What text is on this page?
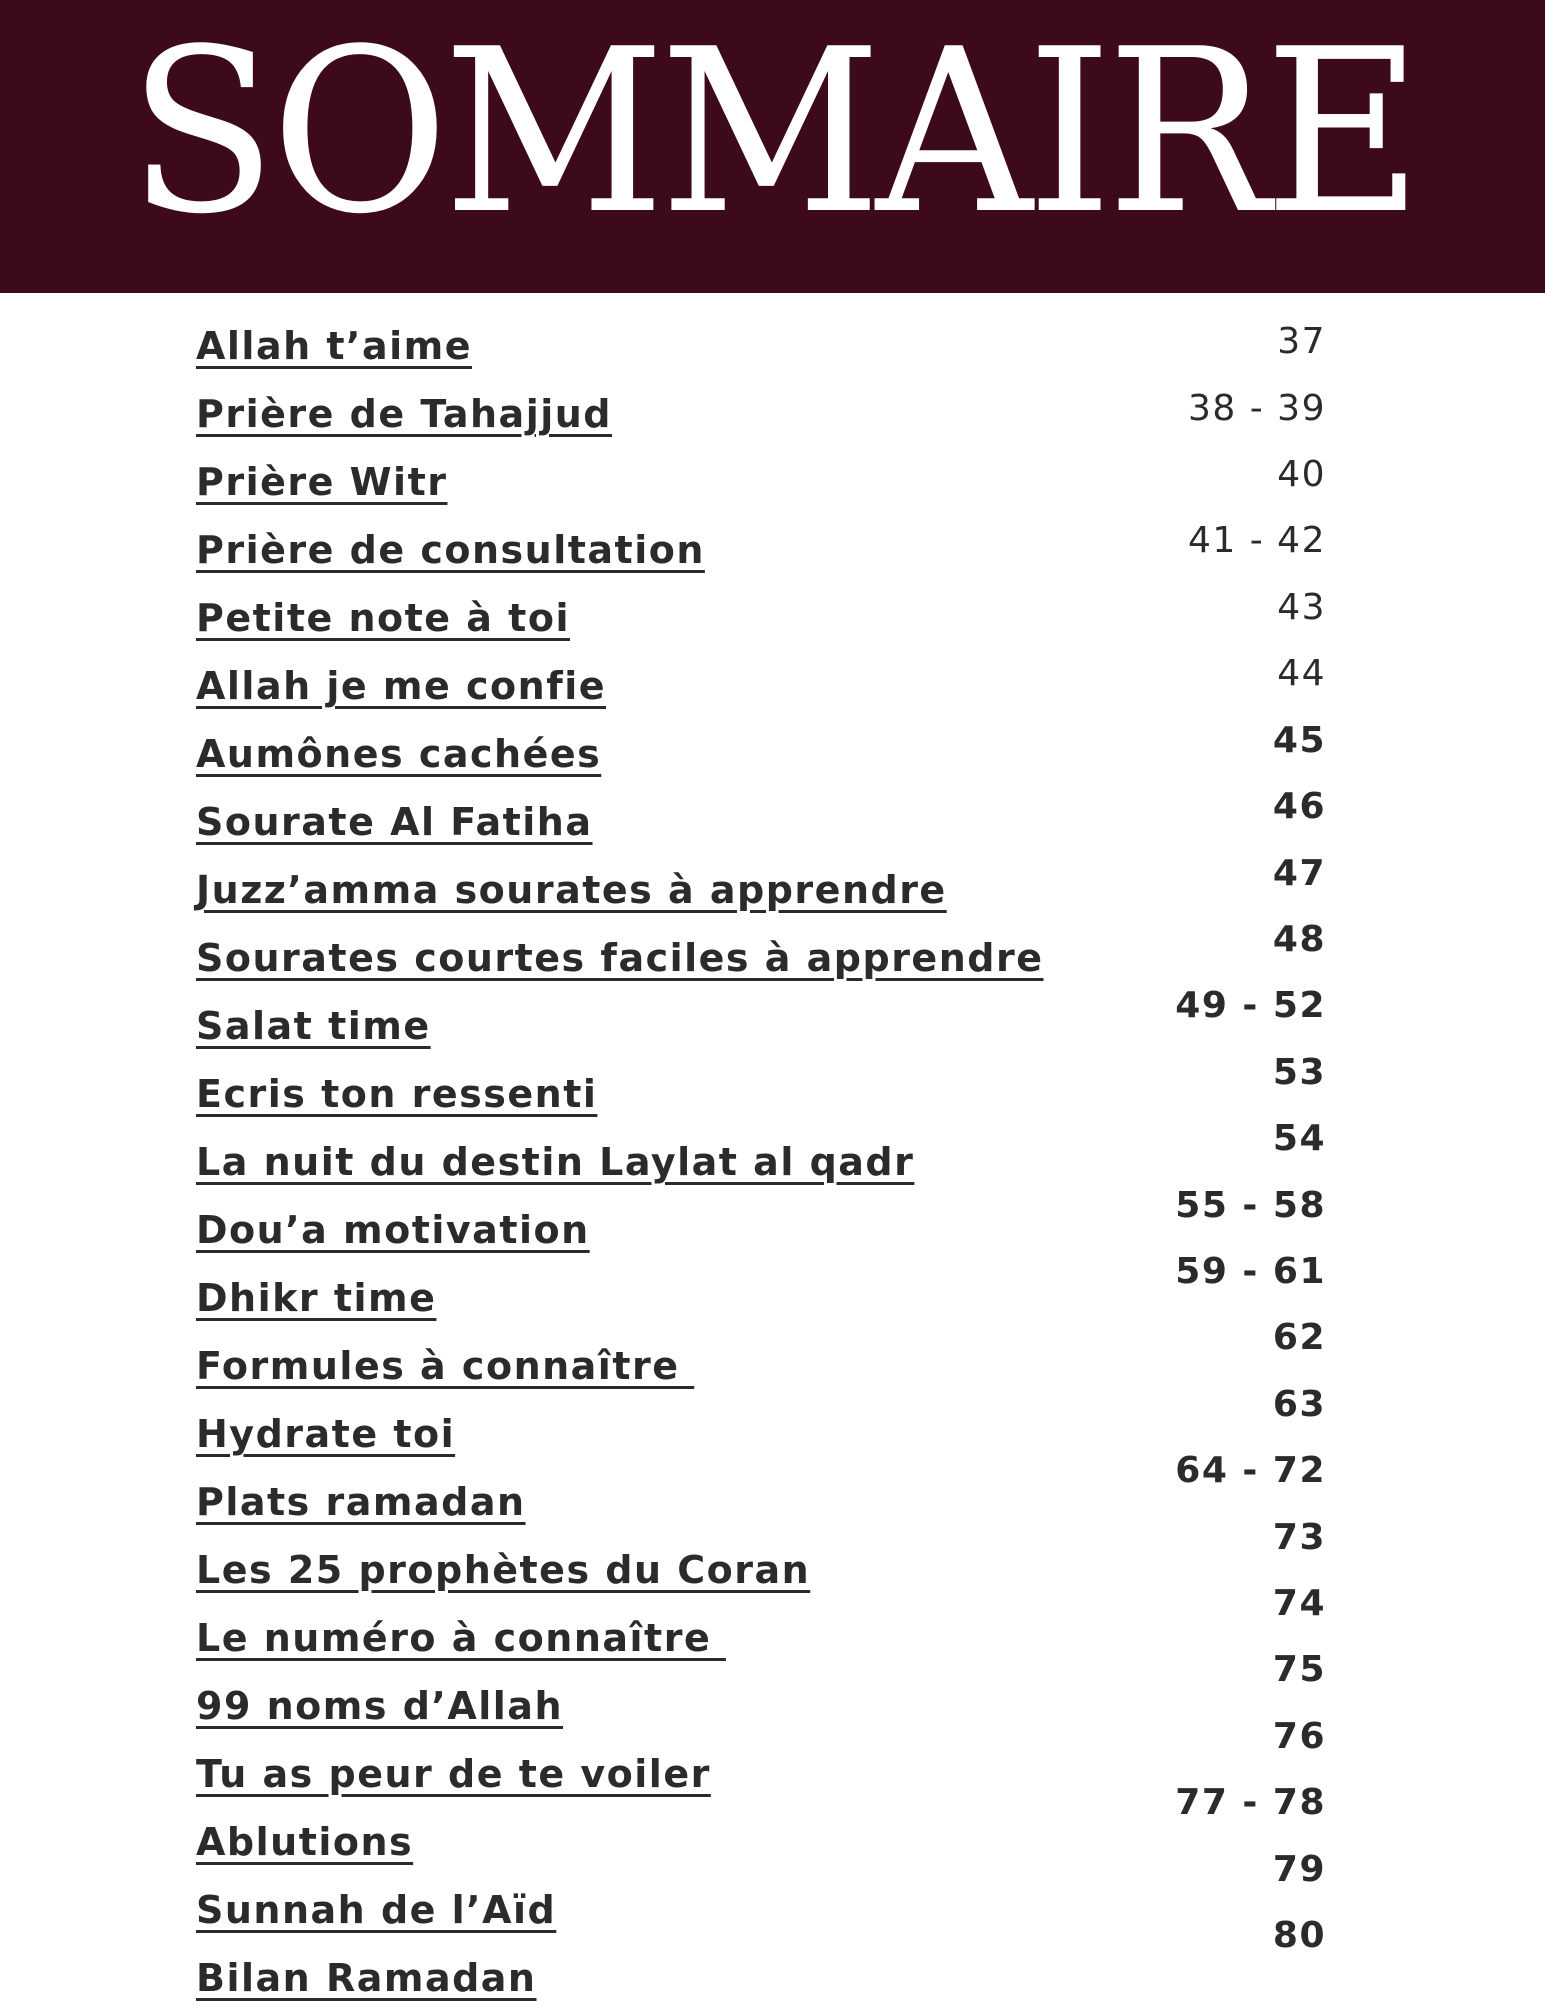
SOMMAIRE
Allah t’aime
Prière de Tahajjud
Prière Witr
Prière de consultation
Petite note à toi
Allah je me confie
Aumônes cachées
Sourate Al Fatiha
Juzz’amma sourates à apprendre
Sourates courtes faciles à apprendre
Salat time
Ecris ton ressenti
La nuit du destin Laylat al qadr
Dou’a motivation
Dhikr time
Formules à connaître
Hydrate toi
Plats ramadan
Les 25 prophètes du Coran
Le numéro à connaître
99 noms d’Allah
Tu as peur de te voiler
Ablutions
Sunnah de l’Aïd
Bilan Ramadan
37
38 - 39
40
41 - 42
43
44
45
46
47
48
49 - 52
53
54
55 - 58
59 - 61
62
63
64 - 72
73
74
75
76
77 - 78
79
80
